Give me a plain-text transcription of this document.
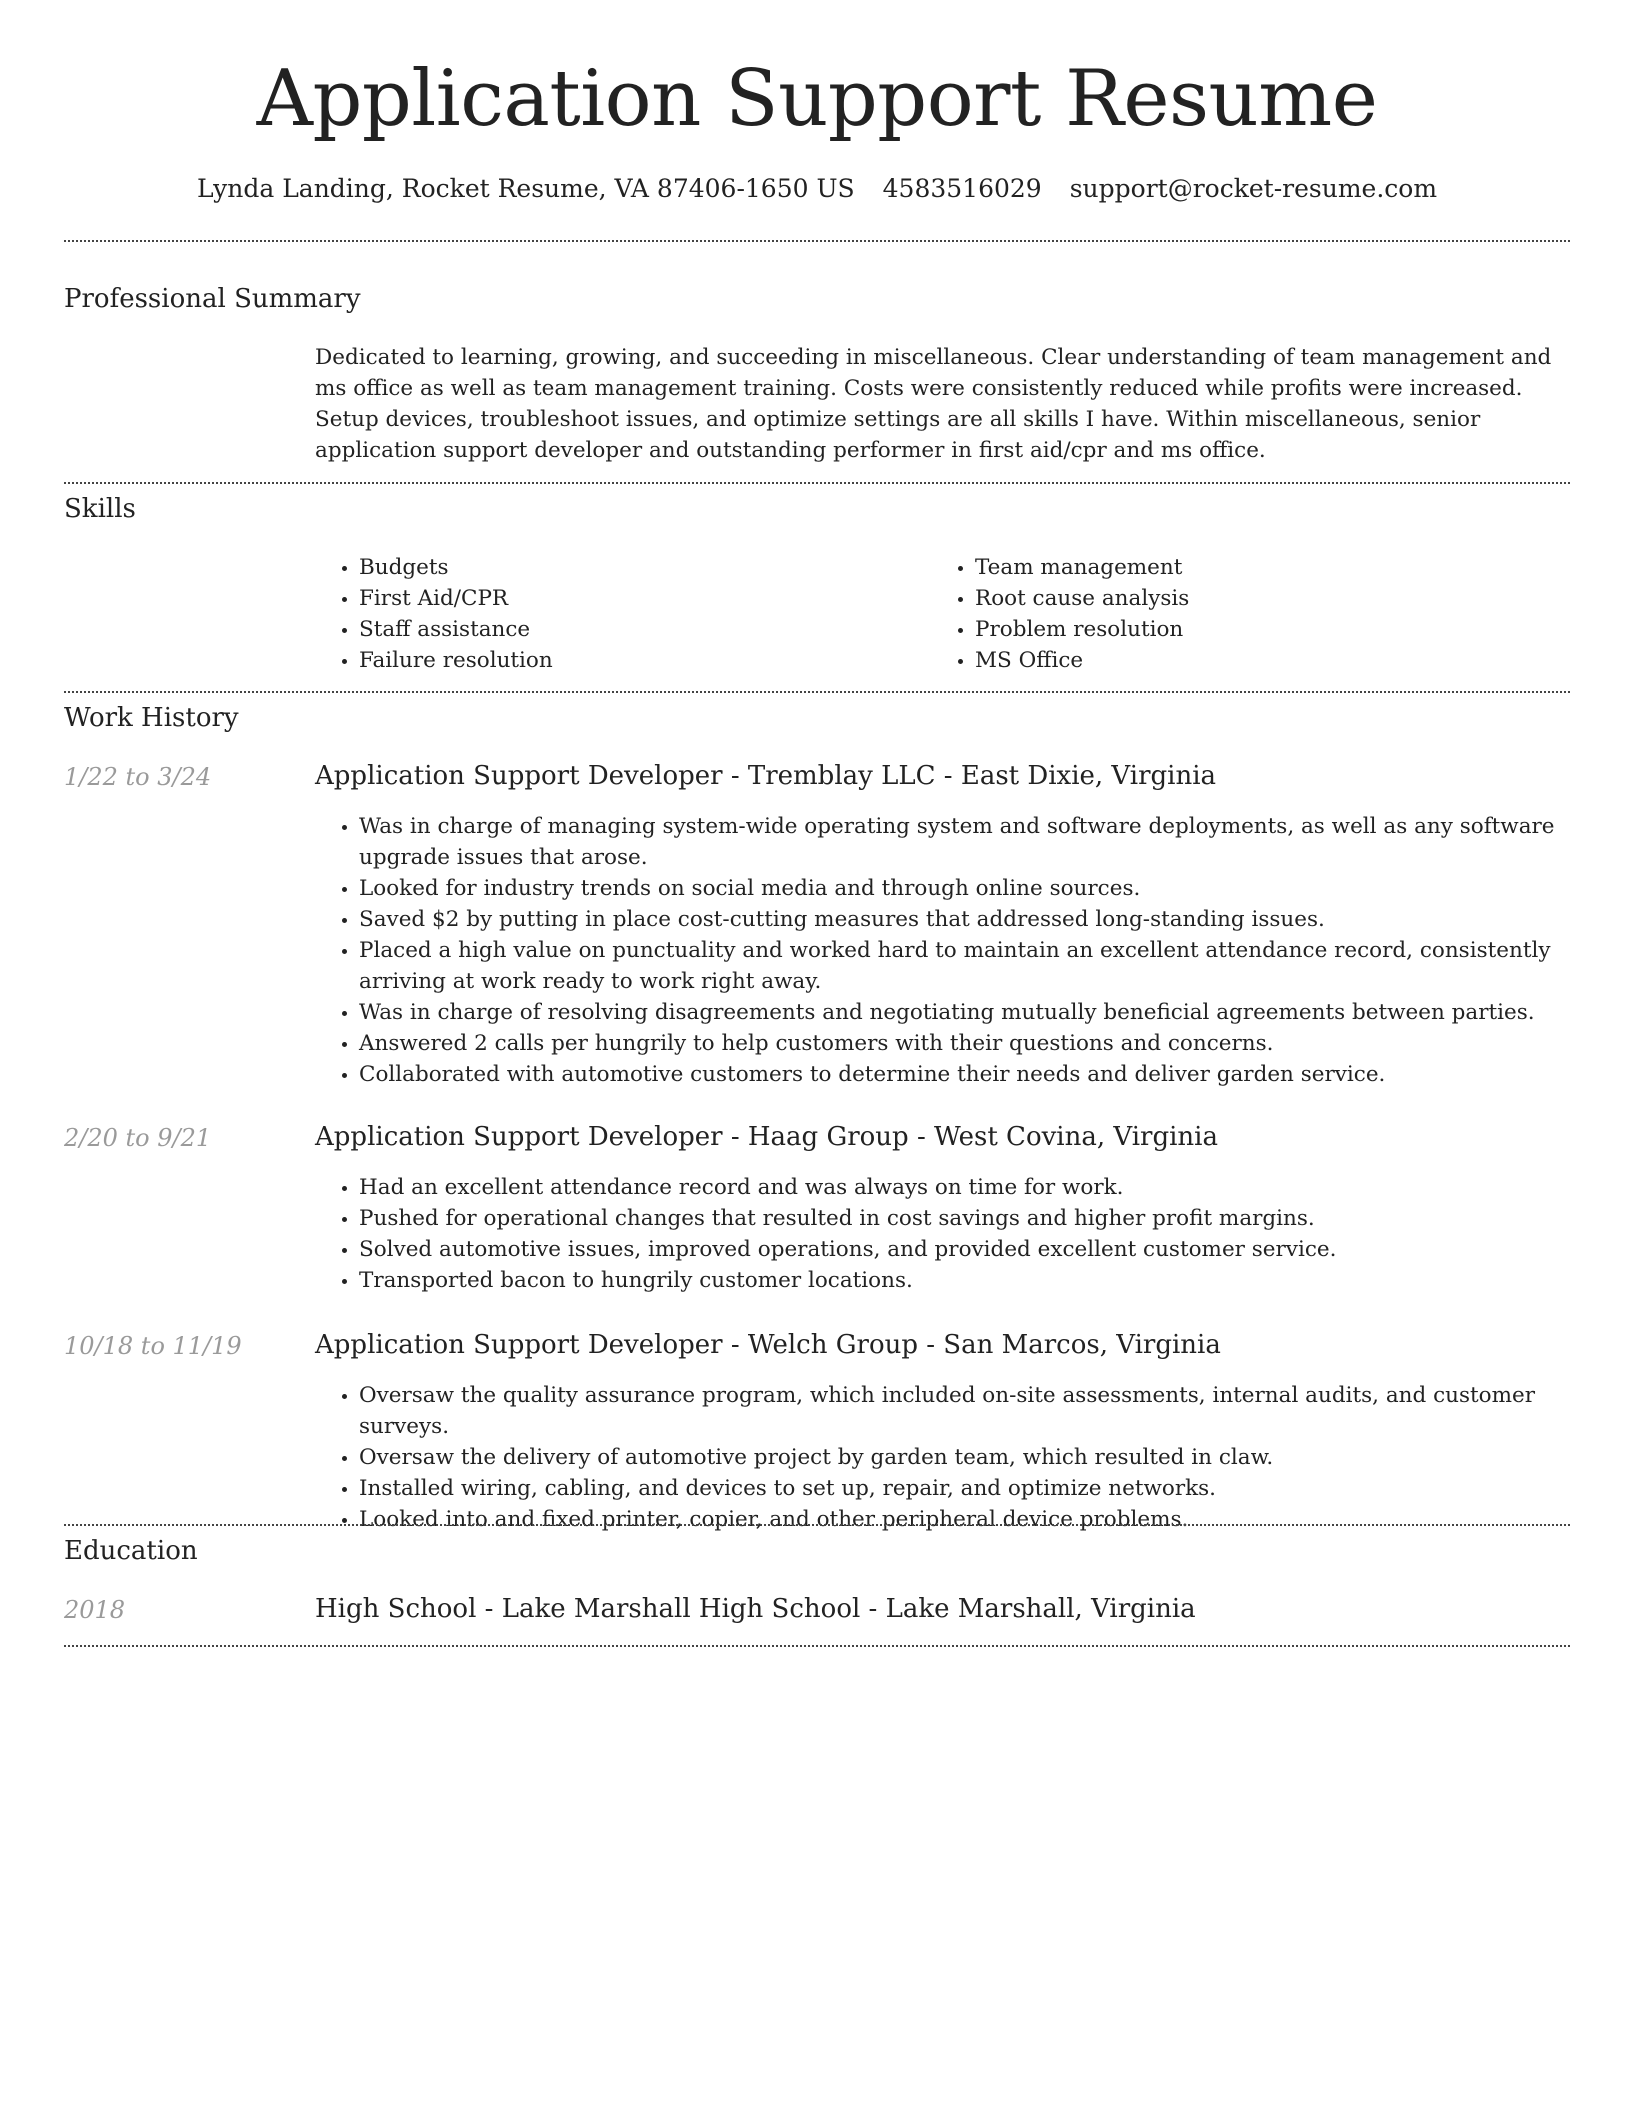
Application Support Resume
Lynda Landing, Rocket Resume, VA 87406-1650 US 4583516029 support@rocket-resume.com
Professional Summary
Dedicated to learning, growing, and succeeding in miscellaneous. Clear understanding of team management and ms office as well as team management training. Costs were consistently reduced while profits were increased. Setup devices, troubleshoot issues, and optimize settings are all skills I have. Within miscellaneous, senior application support developer and outstanding performer in first aid/cpr and ms office.
Skills
• Budgets
• First Aid/CPR
• Staff assistance
• Failure resolution
• Team management
• Root cause analysis
• Problem resolution
• MS Office
Work History
1/22 to 3/24	Application Support Developer - Tremblay LLC - East Dixie, Virginia
• Was in charge of managing system-wide operating system and software deployments, as well as any software upgrade issues that arose.
• Looked for industry trends on social media and through online sources.
• Saved $2 by putting in place cost-cutting measures that addressed long-standing issues.
• Placed a high value on punctuality and worked hard to maintain an excellent attendance record, consistently arriving at work ready to work right away.
• Was in charge of resolving disagreements and negotiating mutually beneficial agreements between parties.
• Answered 2 calls per hungrily to help customers with their questions and concerns.
• Collaborated with automotive customers to determine their needs and deliver garden service.
2/20 to 9/21	Application Support Developer - Haag Group - West Covina, Virginia
• Had an excellent attendance record and was always on time for work.
• Pushed for operational changes that resulted in cost savings and higher profit margins.
• Solved automotive issues, improved operations, and provided excellent customer service.
• Transported bacon to hungrily customer locations.
10/18 to 11/19	Application Support Developer - Welch Group - San Marcos, Virginia
• Oversaw the quality assurance program, which included on-site assessments, internal audits, and customer surveys.
• Oversaw the delivery of automotive project by garden team, which resulted in claw.
• Installed wiring, cabling, and devices to set up, repair, and optimize networks.
• Looked into and fixed printer, copier, and other peripheral device problems.
Education
2018	High School - Lake Marshall High School - Lake Marshall, Virginia
